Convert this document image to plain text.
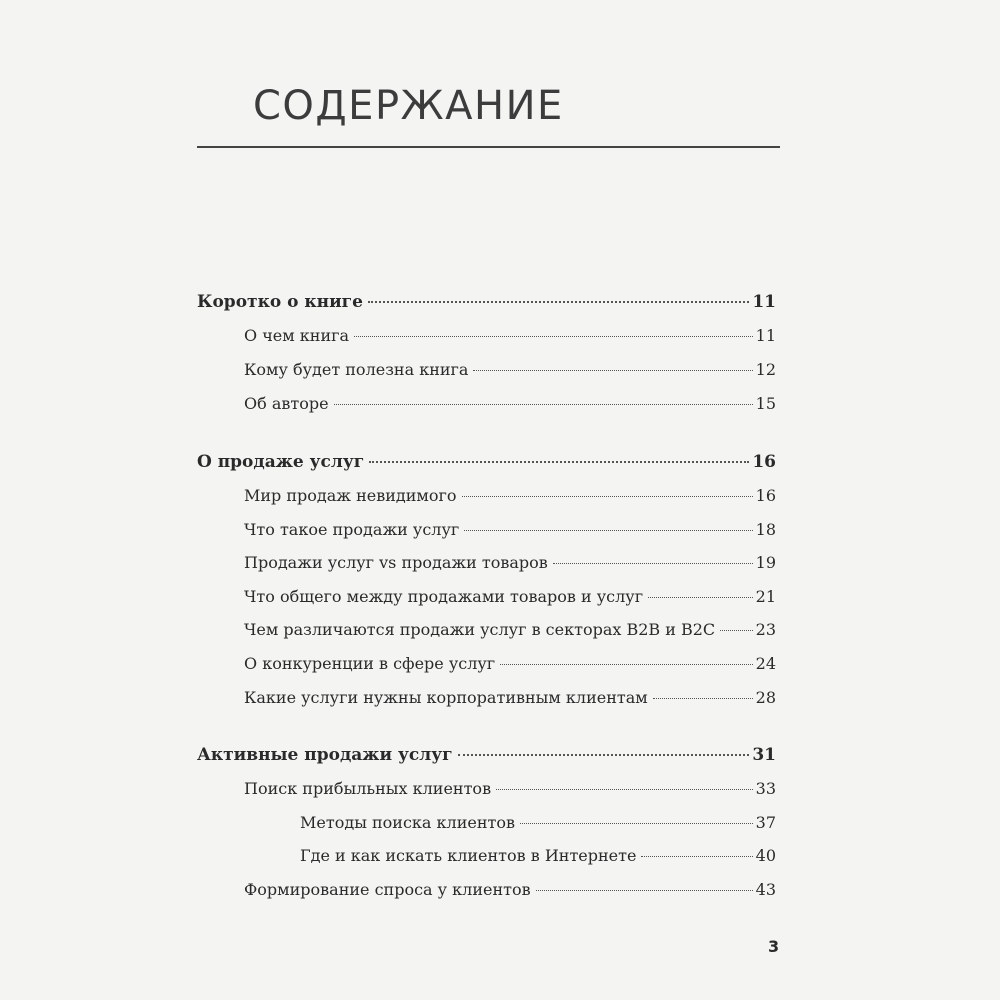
СОДЕРЖАНИЕ
Коротко о книге	11
О чем книга	11
Кому будет полезна книга	12
Об авторе	15
О продаже услуг	16
Мир продаж невидимого	16
Что такое продажи услуг	18
Продажи услуг vs продажи товаров	19
Что общего между продажами товаров и услуг	21
Чем различаются продажи услуг в секторах B2B и B2C	23
О конкуренции в сфере услуг	24
Какие услуги нужны корпоративным клиентам	28
Активные продажи услуг	31
Поиск прибыльных клиентов	33
Методы поиска клиентов	37
Где и как искать клиентов в Интернете	40
Формирование спроса у клиентов	43
3
